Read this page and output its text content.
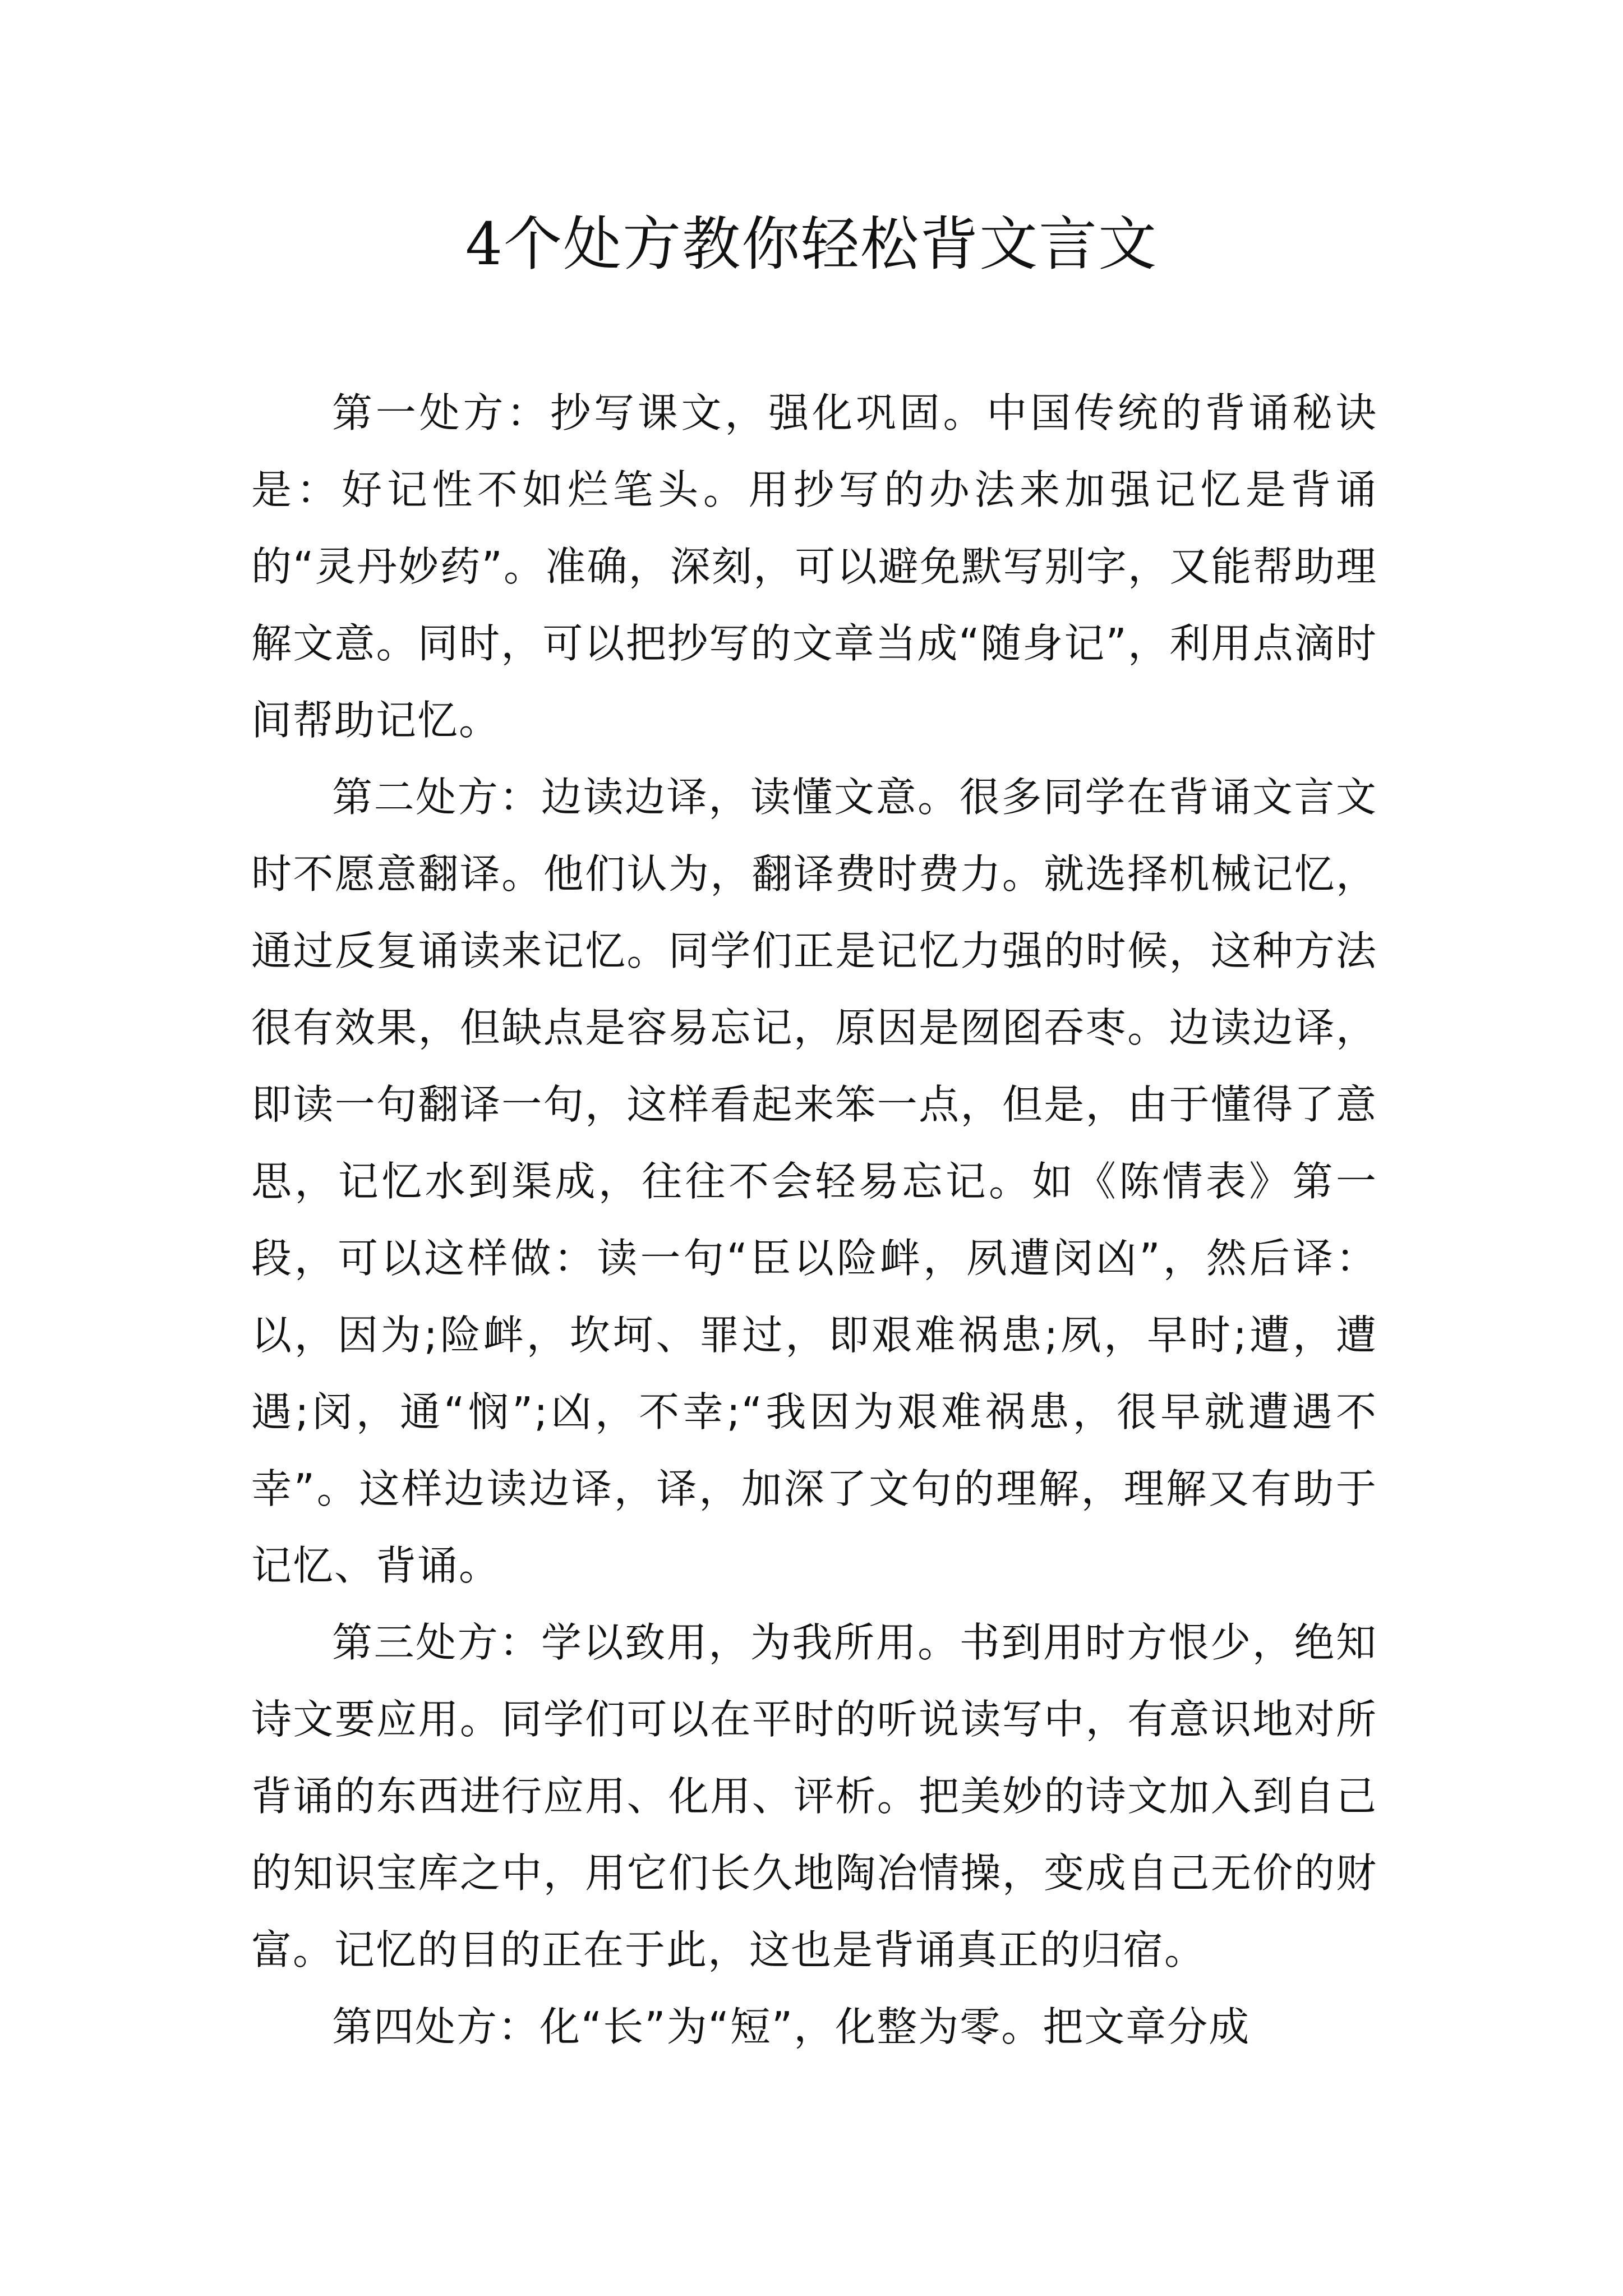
4个处方教你轻松背文言文

第一处方：抄写课文，强化巩固。中国传统的背诵秘诀是：好记性不如烂笔头。用抄写的办法来加强记忆是背诵的“灵丹妙药”。准确，深刻，可以避免默写别字，又能帮助理解文意。同时，可以把抄写的文章当成“随身记”，利用点滴时间帮助记忆。

第二处方：边读边译，读懂文意。很多同学在背诵文言文时不愿意翻译。他们认为，翻译费时费力。就选择机械记忆，通过反复诵读来记忆。同学们正是记忆力强的时候，这种方法很有效果，但缺点是容易忘记，原因是囫囵吞枣。边读边译，即读一句翻译一句，这样看起来笨一点，但是，由于懂得了意思，记忆水到渠成，往往不会轻易忘记。如《陈情表》第一段，可以这样做：读一句“臣以险衅，夙遭闵凶”，然后译：以，因为;险衅，坎坷、罪过，即艰难祸患;夙，早时;遭，遭遇;闵，通“悯”;凶，不幸;“我因为艰难祸患，很早就遭遇不幸”。这样边读边译，译，加深了文句的理解，理解又有助于记忆、背诵。

第三处方：学以致用，为我所用。书到用时方恨少，绝知诗文要应用。同学们可以在平时的听说读写中，有意识地对所背诵的东西进行应用、化用、评析。把美妙的诗文加入到自己的知识宝库之中，用它们长久地陶冶情操，变成自己无价的财富。记忆的目的正在于此，这也是背诵真正的归宿。

第四处方：化“长”为“短”，化整为零。把文章分成
